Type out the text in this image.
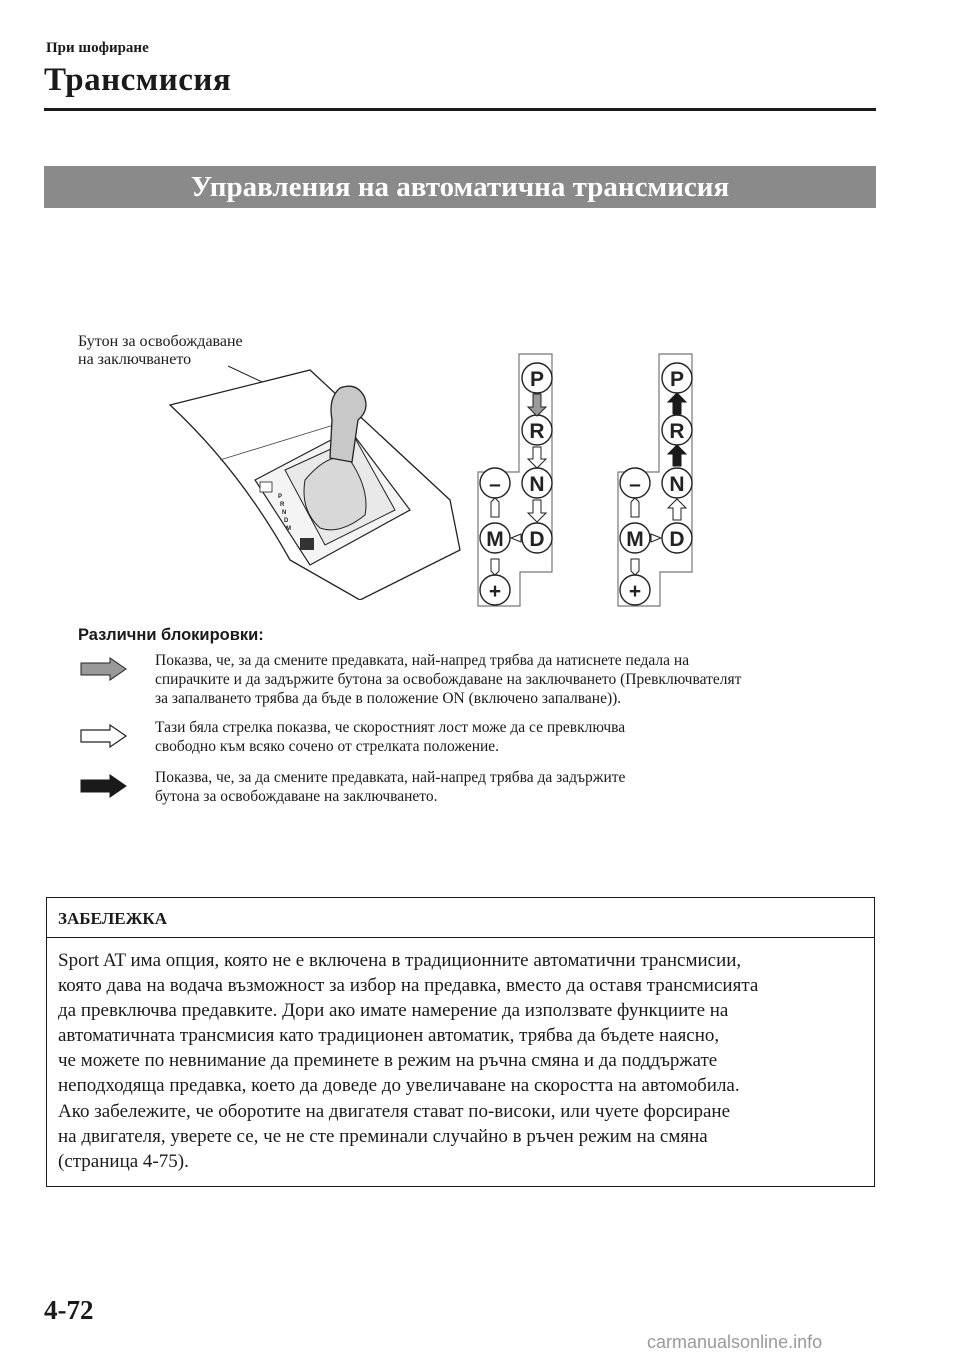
При шофиране
Трансмисия
Управления на автоматична трансмисия
Бутон за освобождаване
на заключването
P
R
N
D
M
P
R
N
D
M
–
+
P
R
N
D
M
–
+
Различни блокировки:
Показва, че, за да смените предавката, най-напред трябва да натиснете педала на
спирачките и да задържите бутона за освобождаване на заключването (Превключвателят
за запалването трябва да бъде в положение ON (включено запалване)).
Тази бяла стрелка показва, че скоростният лост може да се превключва
свободно към всяко сочено от стрелката положение.
Показва, че, за да смените предавката, най-напред трябва да задържите
бутона за освобождаване на заключването.
ЗАБЕЛЕЖКА
Sport AT има опция, която не е включена в традиционните автоматични трансмисии,
която дава на водача възможност за избор на предавка, вместо да оставя трансмисията
да превключва предавките. Дори ако имате намерение да използвате функциите на
автоматичната трансмисия като традиционен автоматик, трябва да бъдете наясно,
че можете по невнимание да преминете в режим на ръчна смяна и да поддържате
неподходяща предавка, което да доведе до увеличаване на скоростта на автомобила.
Ако забележите, че оборотите на двигателя стават по-високи, или чуете форсиране
на двигателя, уверете се, че не сте преминали случайно в ръчен режим на смяна
(страница 4-75).
4-72
carmanualsonline.info
